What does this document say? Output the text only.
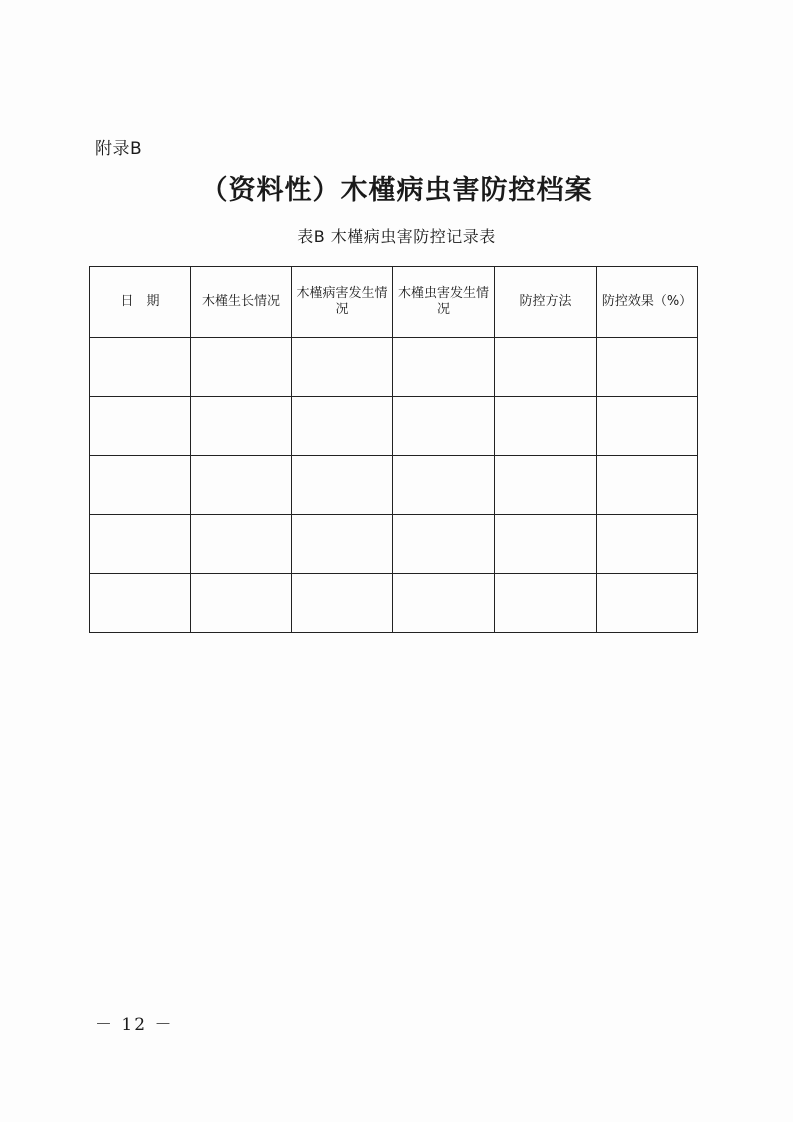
附录B
（资料性）木槿病虫害防控档案
表B 木槿病虫害防控记录表
日　期	木槿生长情况	木槿病害发生情况	木槿虫害发生情况	防控方法	防控效果（%）

－ 12 －
